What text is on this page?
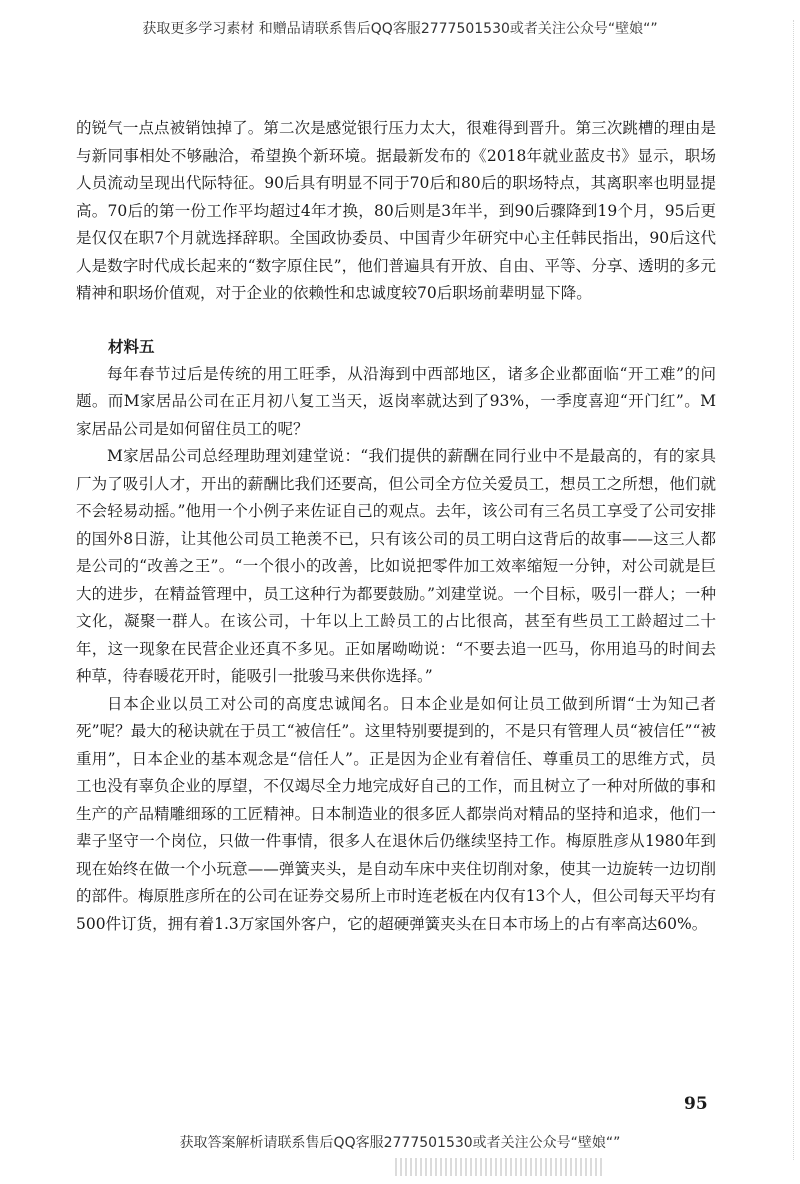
获取更多学习素材 和赠品请联系售后QQ客服2777501530或者关注公众号“壁娘“”

的锐气一点点被销蚀掉了。第二次是感觉银行压力太大，很难得到晋升。第三次跳槽的理由是与新同事相处不够融洽，希望换个新环境。据最新发布的《2018年就业蓝皮书》显示，职场人员流动呈现出代际特征。90后具有明显不同于70后和80后的职场特点，其离职率也明显提高。70后的第一份工作平均超过4年才换，80后则是3年半，到90后骤降到19个月，95后更是仅仅在职7个月就选择辞职。全国政协委员、中国青少年研究中心主任韩民指出，90后这代人是数字时代成长起来的“数字原住民”，他们普遍具有开放、自由、平等、分享、透明的多元精神和职场价值观，对于企业的依赖性和忠诚度较70后职场前辈明显下降。

材料五

每年春节过后是传统的用工旺季，从沿海到中西部地区，诸多企业都面临“开工难”的问题。而M家居品公司在正月初八复工当天，返岗率就达到了93%，一季度喜迎“开门红”。M家居品公司是如何留住员工的呢？

M家居品公司总经理助理刘建堂说：“我们提供的薪酬在同行业中不是最高的，有的家具厂为了吸引人才，开出的薪酬比我们还要高，但公司全方位关爱员工，想员工之所想，他们就不会轻易动摇。”他用一个小例子来佐证自己的观点。去年，该公司有三名员工享受了公司安排的国外8日游，让其他公司员工艳羡不已，只有该公司的员工明白这背后的故事——这三人都是公司的“改善之王”。“一个很小的改善，比如说把零件加工效率缩短一分钟，对公司就是巨大的进步，在精益管理中，员工这种行为都要鼓励。”刘建堂说。一个目标，吸引一群人；一种文化，凝聚一群人。在该公司，十年以上工龄员工的占比很高，甚至有些员工工龄超过二十年，这一现象在民营企业还真不多见。正如屠呦呦说：“不要去追一匹马，你用追马的时间去种草，待春暖花开时，能吸引一批骏马来供你选择。”

日本企业以员工对公司的高度忠诚闻名。日本企业是如何让员工做到所谓“士为知己者死”呢？最大的秘诀就在于员工“被信任”。这里特别要提到的，不是只有管理人员“被信任”“被重用”，日本企业的基本观念是“信任人”。正是因为企业有着信任、尊重员工的思维方式，员工也没有辜负企业的厚望，不仅竭尽全力地完成好自己的工作，而且树立了一种对所做的事和生产的产品精雕细琢的工匠精神。日本制造业的很多匠人都崇尚对精品的坚持和追求，他们一辈子坚守一个岗位，只做一件事情，很多人在退休后仍继续坚持工作。梅原胜彦从1980年到现在始终在做一个小玩意——弹簧夹头，是自动车床中夹住切削对象，使其一边旋转一边切削的部件。梅原胜彦所在的公司在证券交易所上市时连老板在内仅有13个人，但公司每天平均有500件订货，拥有着1.3万家国外客户，它的超硬弹簧夹头在日本市场上的占有率高达60%。

95
获取答案解析请联系售后QQ客服2777501530或者关注公众号“壁娘“”
